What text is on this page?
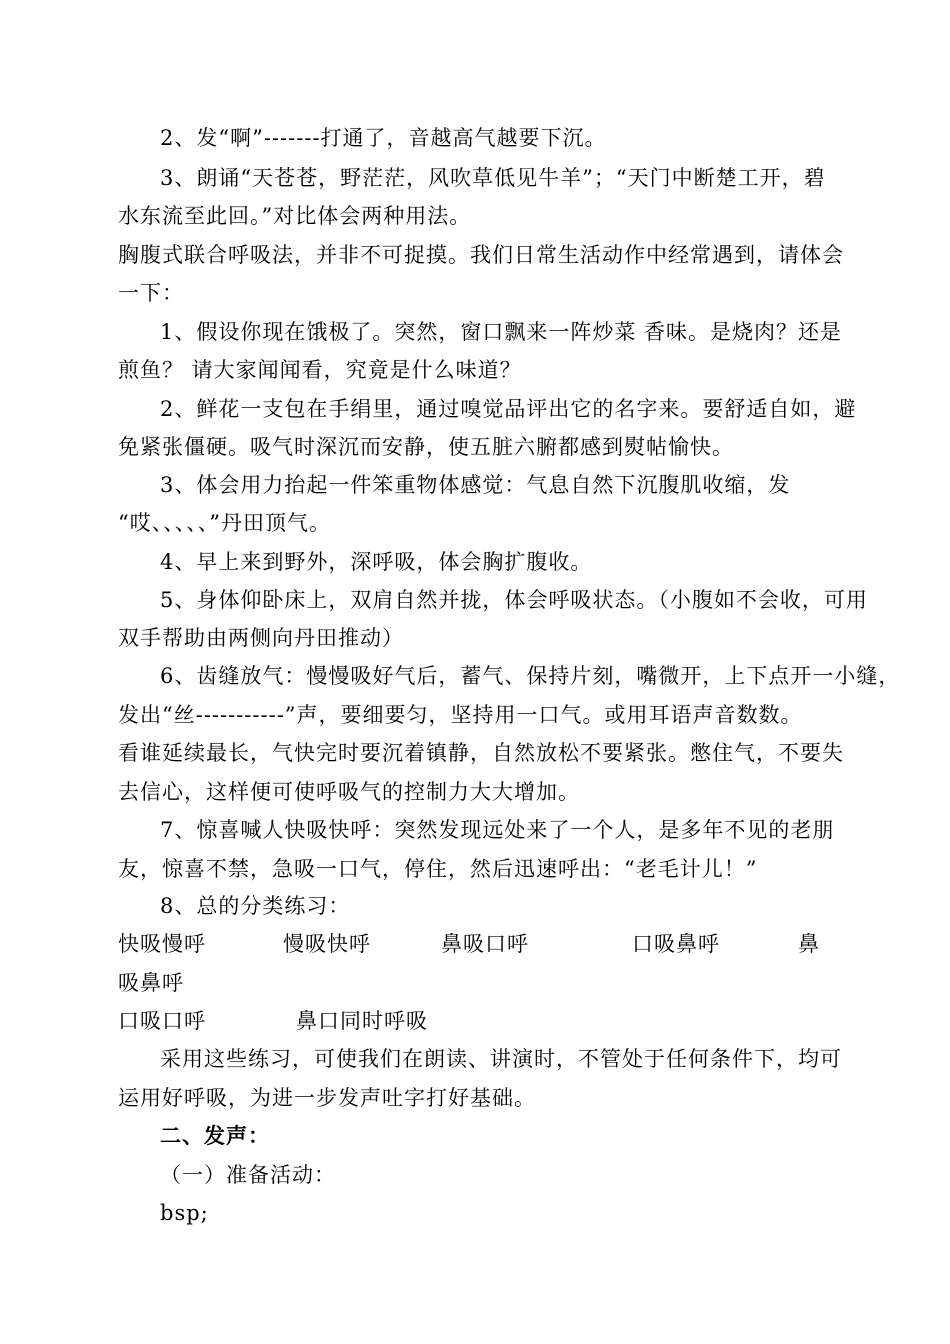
2、发“啊”-------打通了，音越高气越要下沉。
3、朗诵“天苍苍，野茫茫，风吹草低见牛羊”；“天门中断楚工开，碧
水东流至此回。”对比体会两种用法。
胸腹式联合呼吸法，并非不可捉摸。我们日常生活动作中经常遇到，请体会
一下：
1、假设你现在饿极了。突然，窗口飘来一阵炒菜 香味。是烧肉？还是
煎鱼？ 请大家闻闻看，究竟是什么味道？
2、鲜花一支包在手绢里，通过嗅觉品评出它的名字来。要舒适自如，避
免紧张僵硬。吸气时深沉而安静，使五脏六腑都感到熨帖愉快。
3、体会用力抬起一件笨重物体感觉：气息自然下沉腹肌收缩，发
“哎、、、、、”丹田顶气。
4、早上来到野外，深呼吸，体会胸扩腹收。
5、身体仰卧床上，双肩自然并拢，体会呼吸状态。（小腹如不会收，可用
双手帮助由两侧向丹田推动）
6、齿缝放气：慢慢吸好气后，蓄气、保持片刻，嘴微开，上下点开一小缝，
发出“丝-----------”声，要细要匀，坚持用一口气。或用耳语声音数数。
看谁延续最长，气快完时要沉着镇静，自然放松不要紧张。憋住气，不要失
去信心，这样便可使呼吸气的控制力大大增加。
7、惊喜喊人快吸快呼：突然发现远处来了一个人，是多年不见的老朋
友，惊喜不禁，急吸一口气，停住，然后迅速呼出：“老毛计儿！”
8、总的分类练习：
快吸慢呼	慢吸快呼	鼻吸口呼	口吸鼻呼	鼻
吸鼻呼
口吸口呼	鼻口同时呼吸
采用这些练习，可使我们在朗读、讲演时，不管处于任何条件下，均可
运用好呼吸，为进一步发声吐字打好基础。
二、发声：
（一）准备活动：
bsp;
